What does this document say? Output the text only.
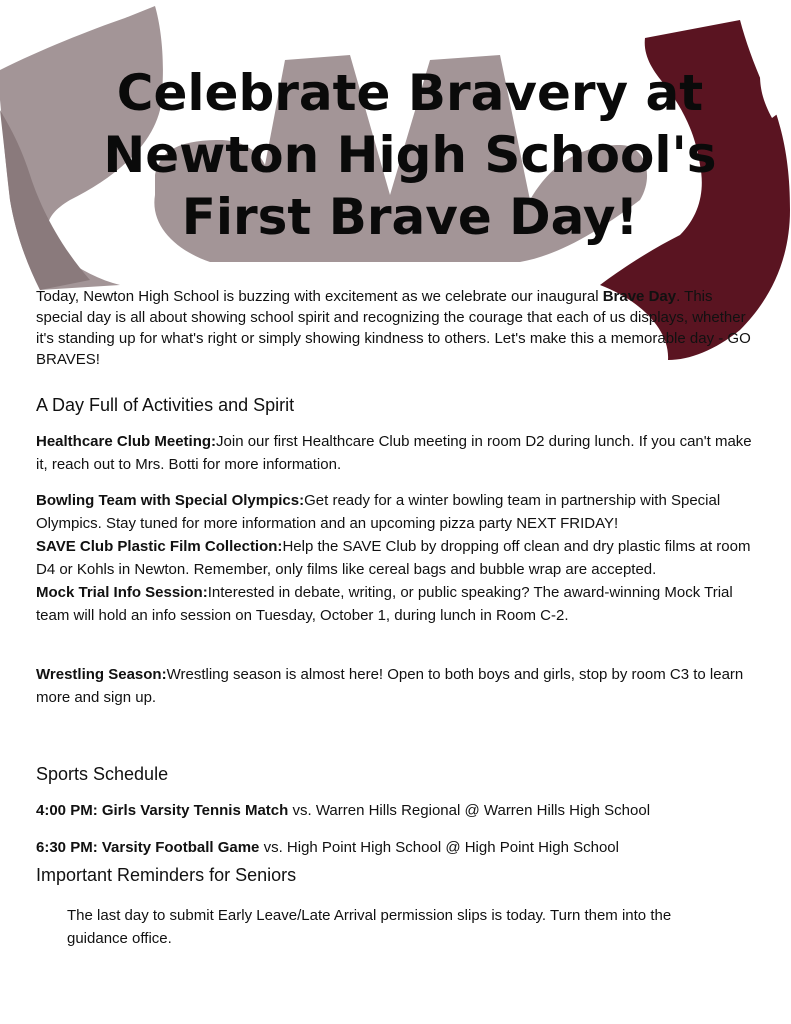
Celebrate Bravery at
Newton High School's
First Brave Day!

Today, Newton High School is buzzing with excitement as we celebrate our inaugural Brave Day. This special day is all about showing school spirit and recognizing the courage that each of us displays, whether it's standing up for what's right or simply showing kindness to others. Let's make this a memorable day - GO BRAVES!

A Day Full of Activities and Spirit

Healthcare Club Meeting:Join our first Healthcare Club meeting in room D2 during lunch. If you can't make it, reach out to Mrs. Botti for more information.

Bowling Team with Special Olympics:Get ready for a winter bowling team in partnership with Special Olympics. Stay tuned for more information and an upcoming pizza party NEXT FRIDAY!

SAVE Club Plastic Film Collection:Help the SAVE Club by dropping off clean and dry plastic films at room D4 or Kohls in Newton. Remember, only films like cereal bags and bubble wrap are accepted.

Mock Trial Info Session:Interested in debate, writing, or public speaking? The award-winning Mock Trial team will hold an info session on Tuesday, October 1, during lunch in Room C-2.

Wrestling Season:Wrestling season is almost here! Open to both boys and girls, stop by room C3 to learn more and sign up.

Sports Schedule

4:00 PM: Girls Varsity Tennis Match vs. Warren Hills Regional @ Warren Hills High School

6:30 PM: Varsity Football Game vs. High Point High School @ High Point High School

Important Reminders for Seniors

The last day to submit Early Leave/Late Arrival permission slips is today. Turn them into the guidance office.
